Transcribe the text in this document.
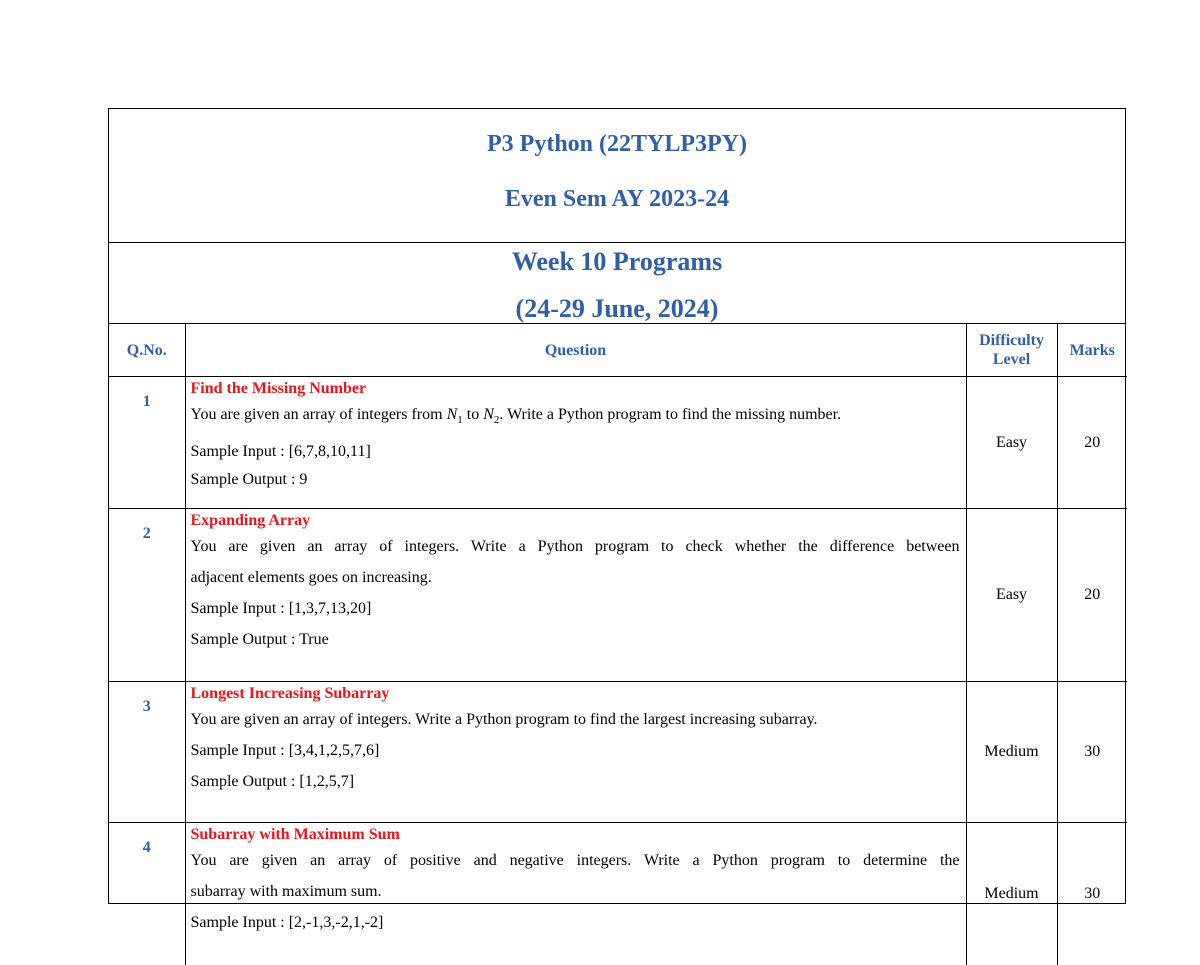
P3 Python (22TYLP3PY)
Even Sem AY 2023-24
Week 10 Programs
(24-29 June, 2024)
Q.No.	Question	Difficulty Level	Marks
1	Find the Missing Number
You are given an array of integers from $N_1$ to $N_2$. Write a Python program to find the missing number.
Sample Input : [6,7,8,10,11]
Sample Output : 9	Easy	20
2	Expanding Array
You are given an array of integers. Write a Python program to check whether the difference between
adjacent elements goes on increasing.
Sample Input : [1,3,7,13,20]
Sample Output : True	Easy	20
3	Longest Increasing Subarray
You are given an array of integers. Write a Python program to find the largest increasing subarray.
Sample Input : [3,4,1,2,5,7,6]
Sample Output : [1,2,5,7]	Medium	30
4	Subarray with Maximum Sum
You are given an array of positive and negative integers. Write a Python program to determine the
subarray with maximum sum.
Sample Input : [2,-1,3,-2,1,-2]	Medium	30
